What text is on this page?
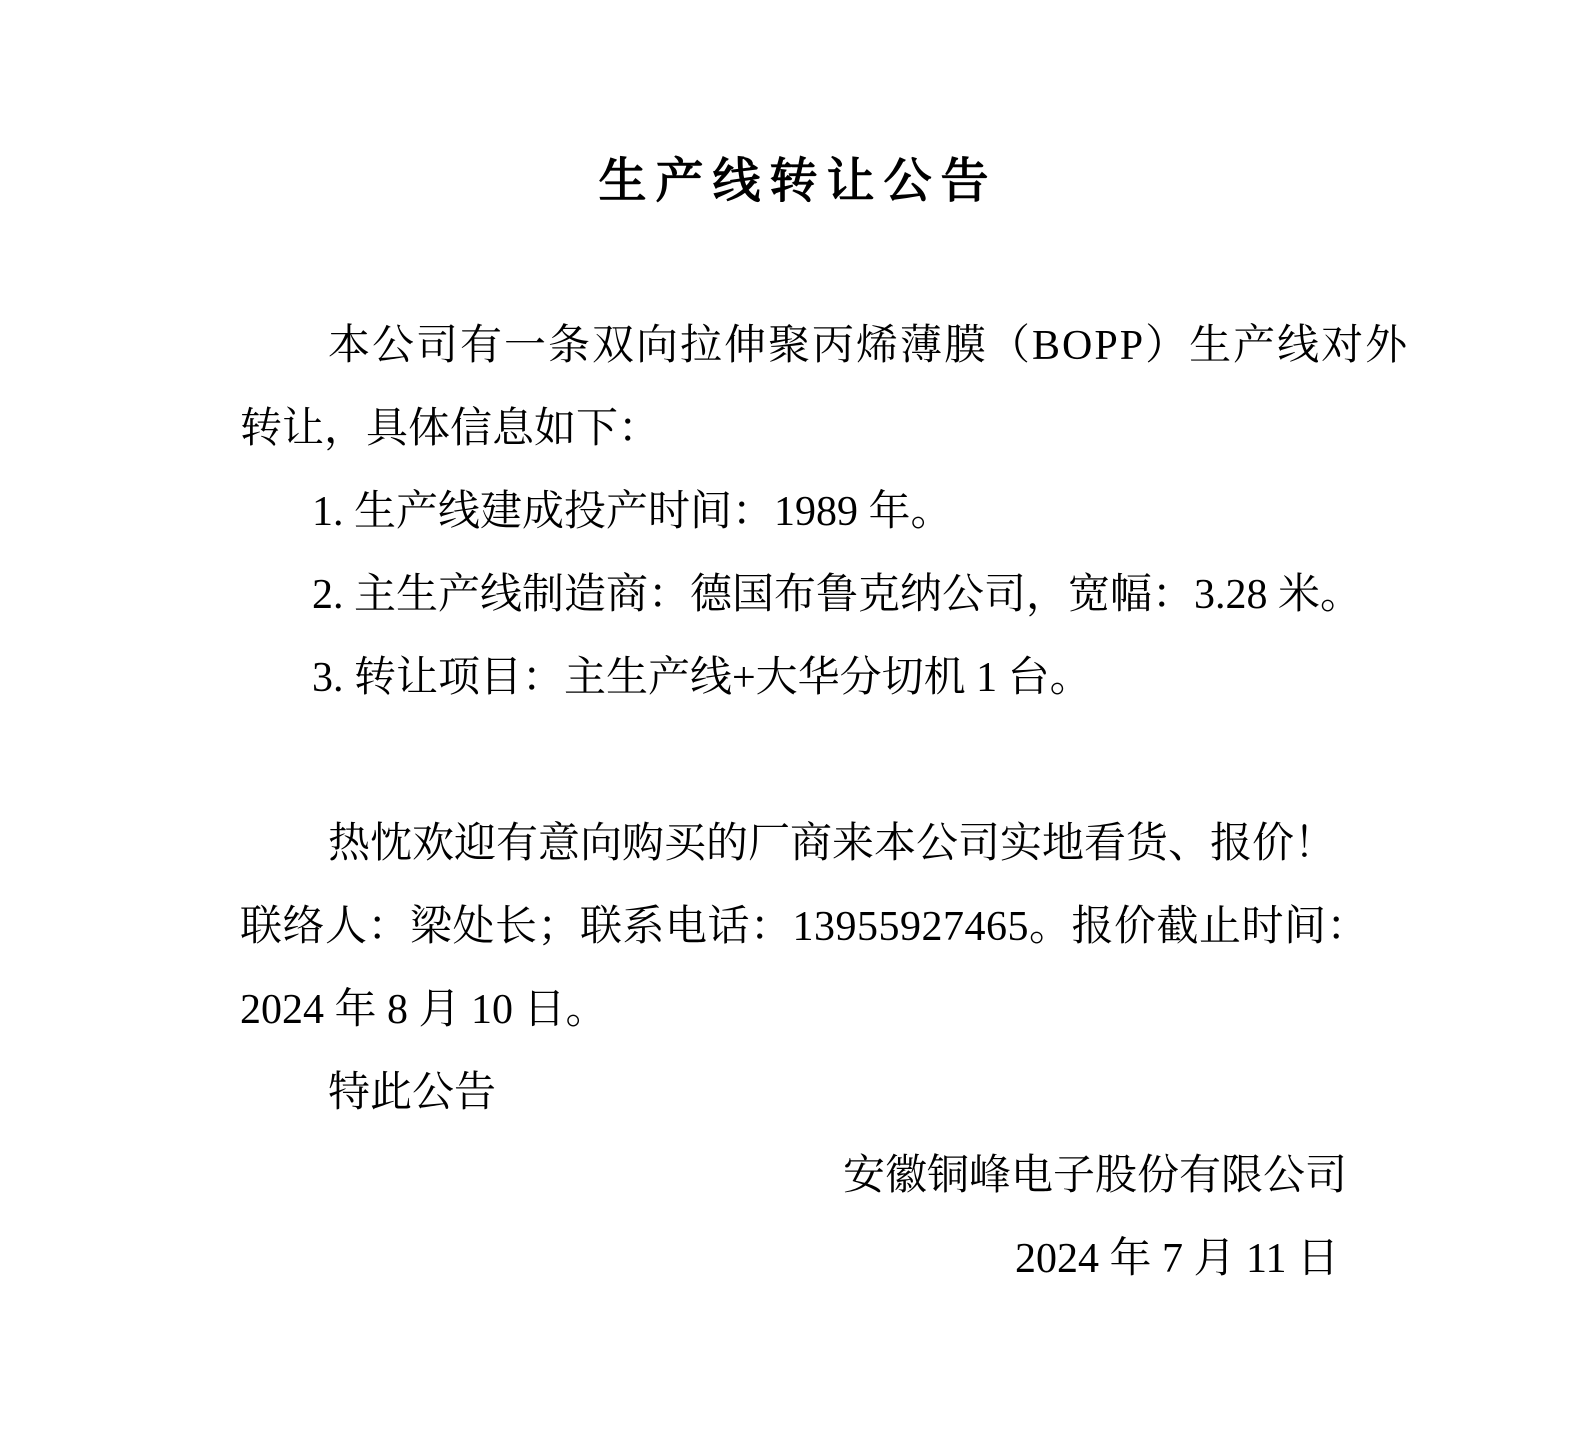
生产线转让公告
本公司有一条双向拉伸聚丙烯薄膜（BOPP）生产线对外
转让，具体信息如下：
1. 生产线建成投产时间：1989 年。
2. 主生产线制造商：德国布鲁克纳公司，宽幅：3.28 米。
3. 转让项目：主生产线+大华分切机 1 台。
热忱欢迎有意向购买的厂商来本公司实地看货、报价！
联络人：梁处长；联系电话：13955927465。报价截止时间：
2024 年 8 月 10 日。
特此公告
安徽铜峰电子股份有限公司
2024 年 7 月 11 日
